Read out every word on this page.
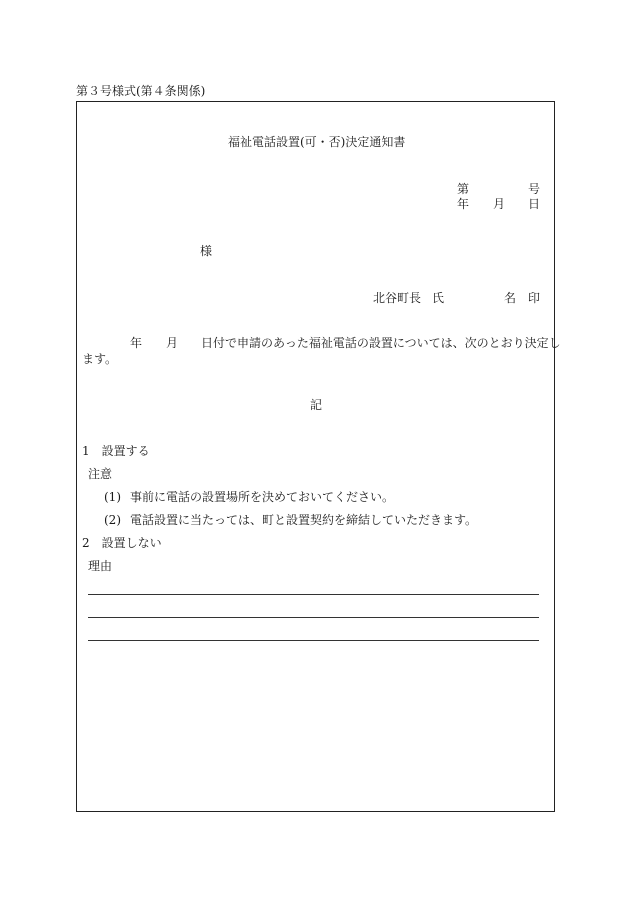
第３号様式(第４条関係)
福祉電話設置(可・否)決定通知書
第	号
年 月 日
様
北谷町長 氏	名 印
年 月 日付で申請のあった福祉電話の設置については、次のとおり決定し
ます。
記
1　設置する
注意
(1) 事前に電話の設置場所を決めておいてください。
(2) 電話設置に当たっては、町と設置契約を締結していただきます。
2　設置しない
理由
